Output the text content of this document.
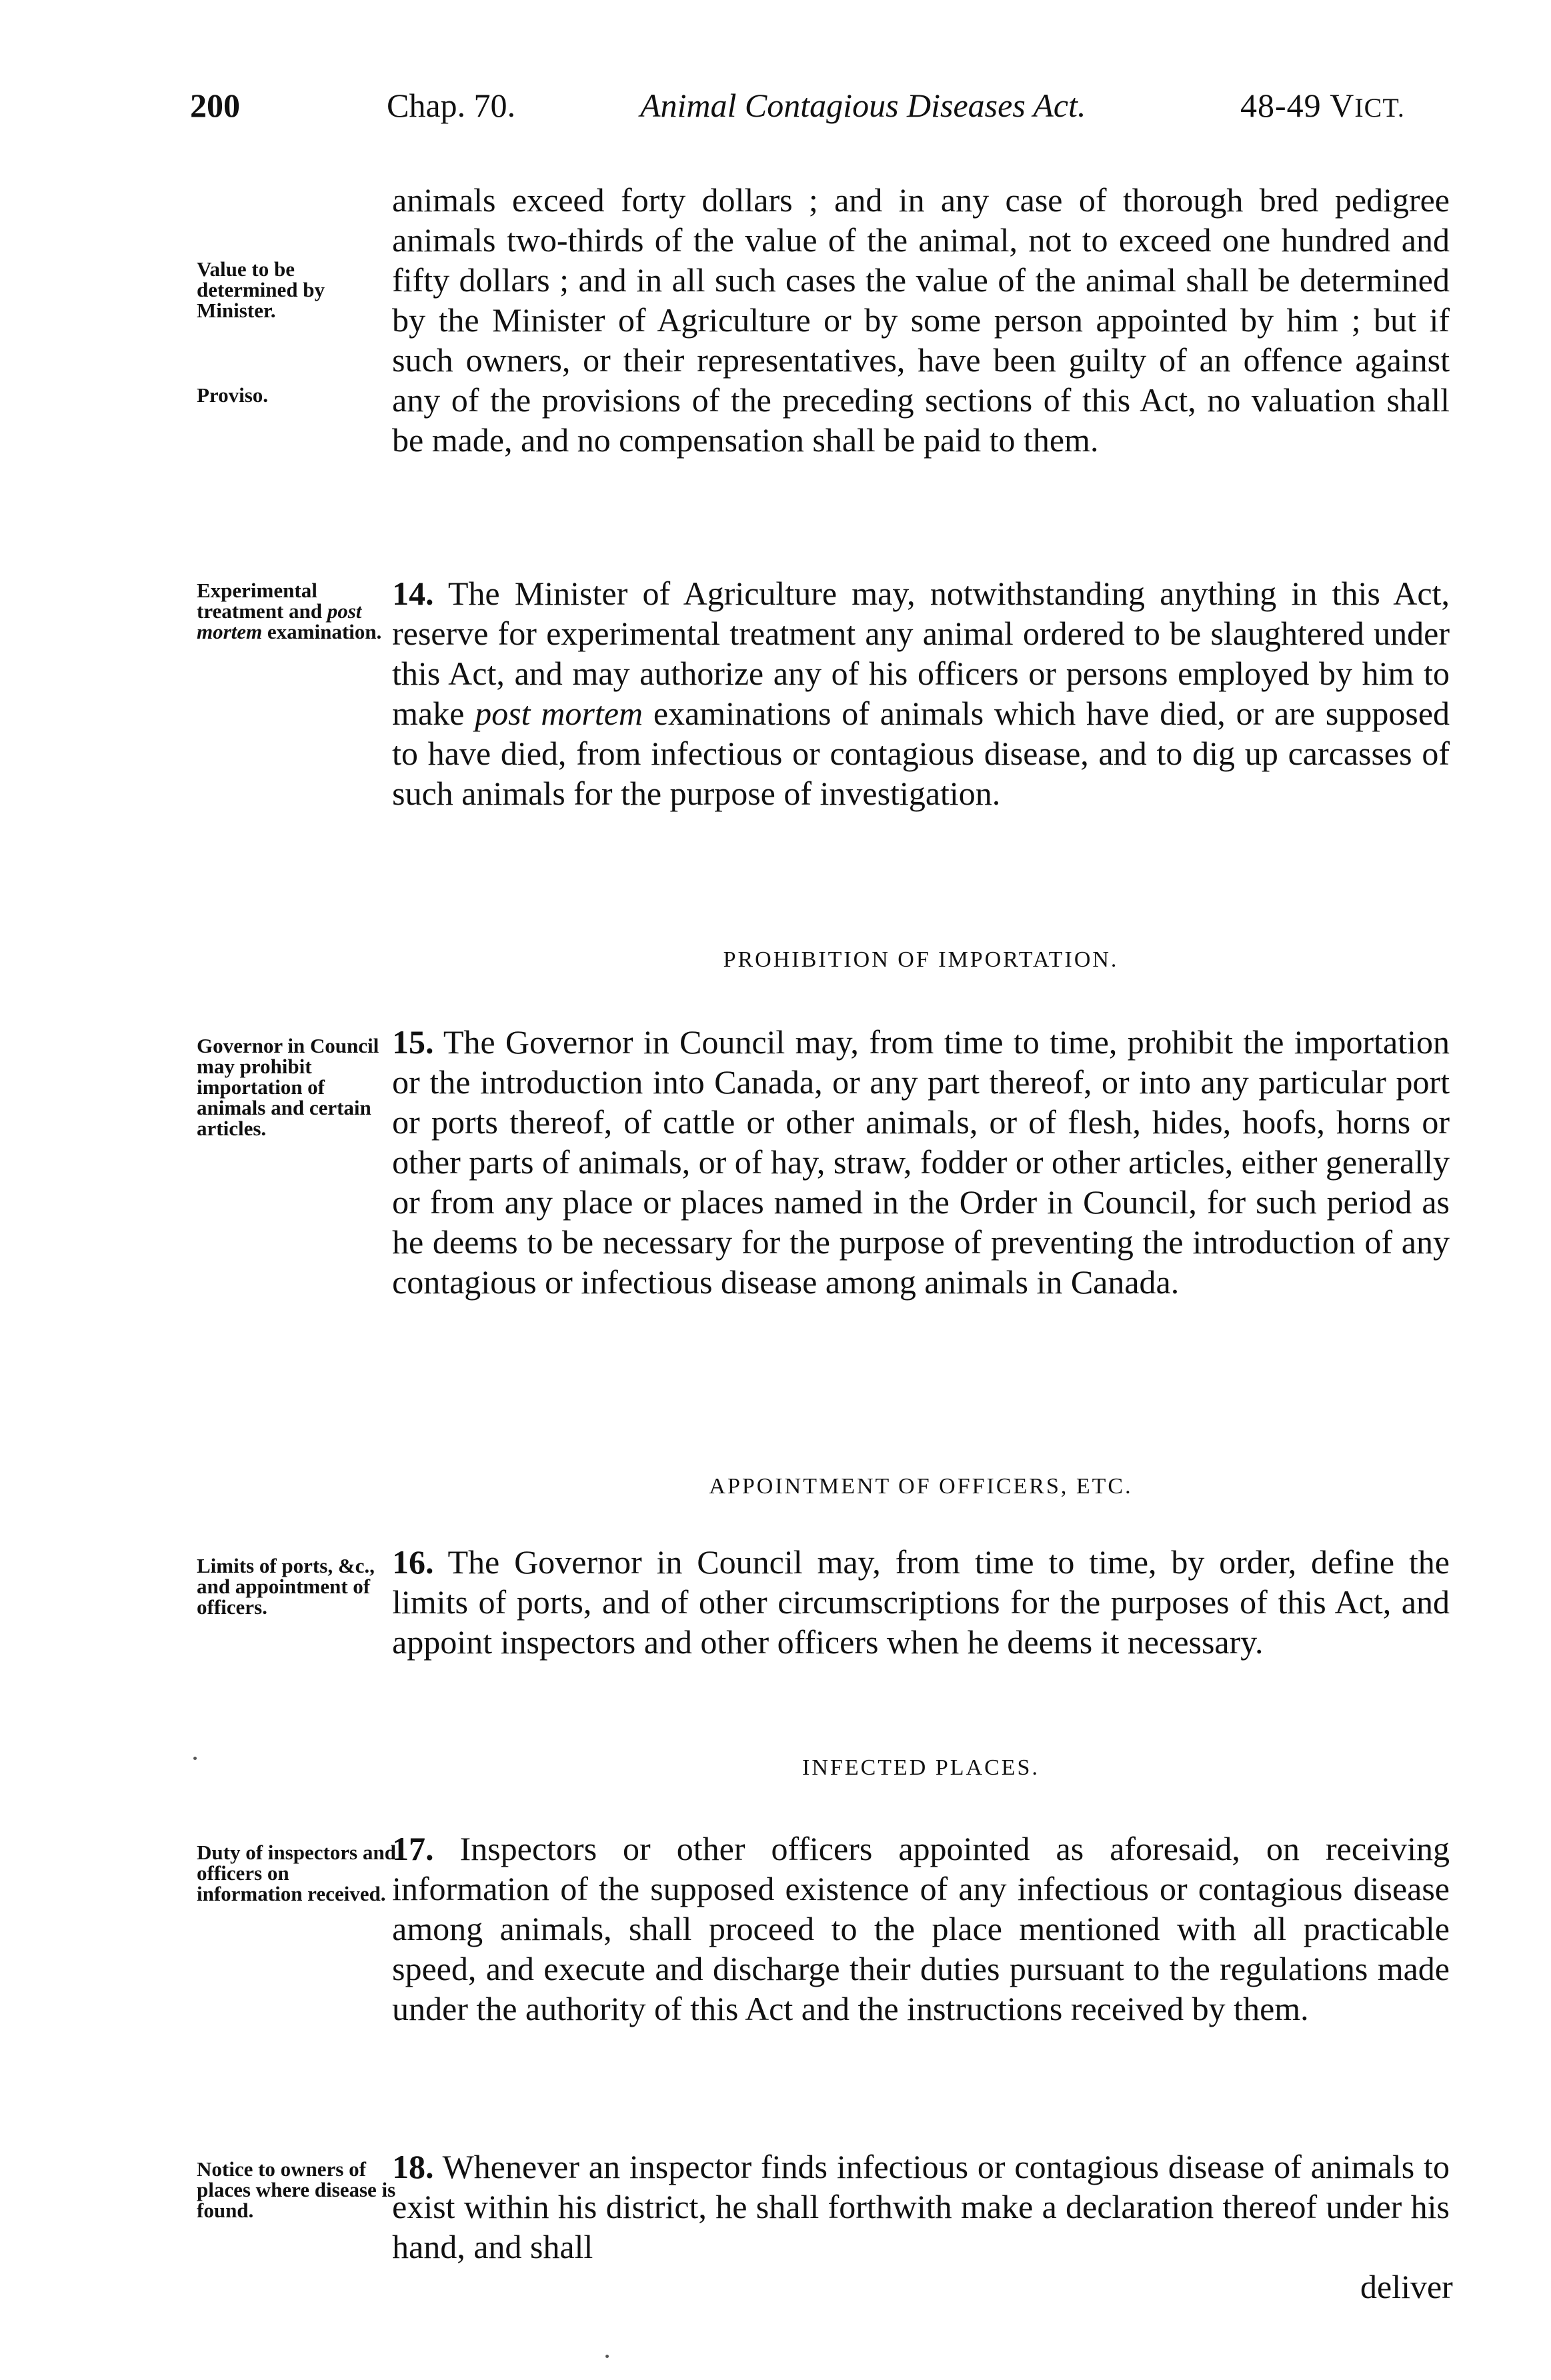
200	Chap. 70.	Animal Contagious Diseases Act.	48-49 VICT.
animals exceed forty dollars ; and in any case of thorough bred pedigree animals two-thirds of the value of the animal, not to exceed one hundred and fifty dollars ; and in all such cases the value of the animal shall be determined by the Minister of Agriculture or by some person appointed by him ; but if such owners, or their representatives, have been guilty of an offence against any of the provisions of the preceding sections of this Act, no valuation shall be made, and no compensation shall be paid to them.
Value to be determined by Minister.
Proviso.
14. The Minister of Agriculture may, notwithstanding anything in this Act, reserve for experimental treatment any animal ordered to be slaughtered under this Act, and may authorize any of his officers or persons employed by him to make post mortem examinations of animals which have died, or are supposed to have died, from infectious or contagious disease, and to dig up carcasses of such animals for the purpose of investigation.
Experimental treatment and post mortem examination.
PROHIBITION OF IMPORTATION.
15. The Governor in Council may, from time to time, prohibit the importation or the introduction into Canada, or any part thereof, or into any particular port or ports thereof, of cattle or other animals, or of flesh, hides, hoofs, horns or other parts of animals, or of hay, straw, fodder or other articles, either generally or from any place or places named in the Order in Council, for such period as he deems to be necessary for the purpose of preventing the introduction of any contagious or infectious disease among animals in Canada.
Governor in Council may prohibit importation of animals and certain articles.
APPOINTMENT OF OFFICERS, ETC.
16. The Governor in Council may, from time to time, by order, define the limits of ports, and of other circumscriptions for the purposes of this Act, and appoint inspectors and other officers when he deems it necessary.
Limits of ports, &c., and appointment of officers.
INFECTED PLACES.
17. Inspectors or other officers appointed as aforesaid, on receiving information of the supposed existence of any infectious or contagious disease among animals, shall proceed to the place mentioned with all practicable speed, and execute and discharge their duties pursuant to the regulations made under the authority of this Act and the instructions received by them.
Duty of inspectors and officers on information received.
18. Whenever an inspector finds infectious or contagious disease of animals to exist within his district, he shall forthwith make a declaration thereof under his hand, and shall
Notice to owners of places where disease is found.
deliver
